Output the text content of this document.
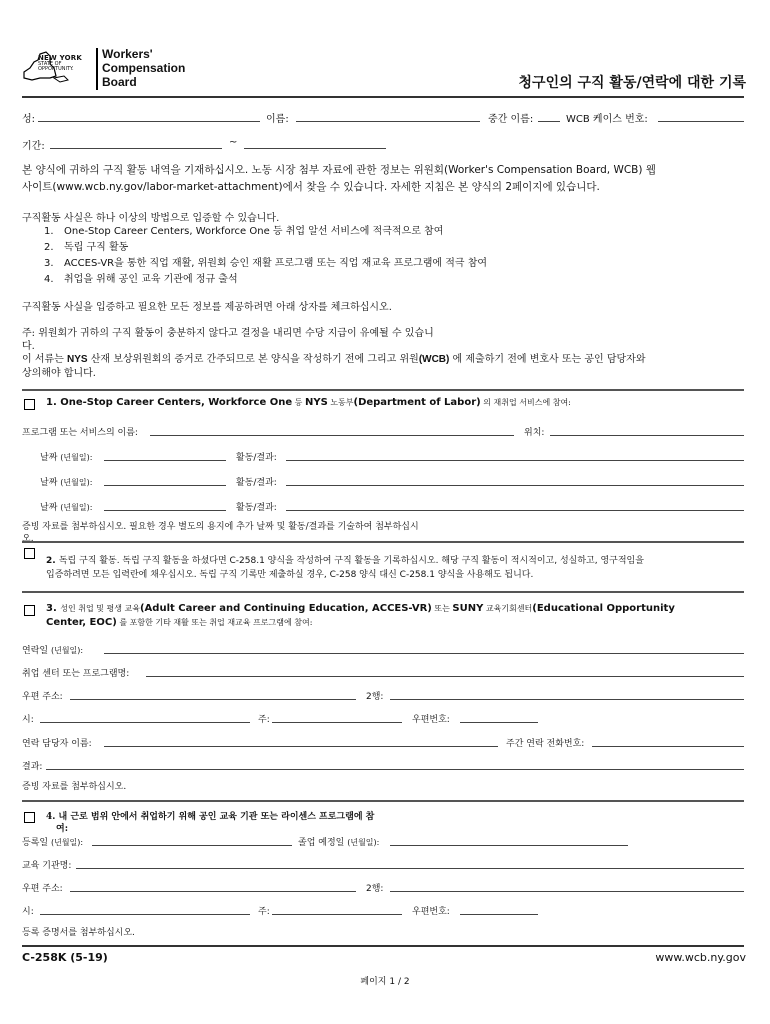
NEW YORK
STATE OF
OPPORTUNITY.
Workers'
Compensation
Board	청구인의 구직 활동/연락에 대한 기록
성:	이름:	중간 이름:	WCB 케이스 번호:
기간:	~
본 양식에 귀하의 구직 활동 내역을 기재하십시오. 노동 시장 첨부 자료에 관한 정보는 위원회(Worker's Compensation Board, WCB) 웹
사이트(www.wcb.ny.gov/labor-market-attachment)에서 찾을 수 있습니다. 자세한 지침은 본 양식의 2페이지에 있습니다.
구직활동 사실은 하나 이상의 방법으로 입증할 수 있습니다.
1. One-Stop Career Centers, Workforce One 등 취업 알선 서비스에 적극적으로 참여
2. 독립 구직 활동
3. ACCES-VR을 통한 직업 재활, 위원회 승인 재활 프로그램 또는 직업 재교육 프로그램에 적극 참여
4. 취업을 위해 공인 교육 기관에 정규 출석
구직활동 사실을 입증하고 필요한 모든 정보를 제공하려면 아래 상자를 체크하십시오.
주: 위원회가 귀하의 구직 활동이 충분하지 않다고 결정을 내리면 수당 지급이 유예될 수 있습니
다.
이 서류는 NYS 산재 보상위원회의 증거로 간주되므로 본 양식을 작성하기 전에 그리고 위원(WCB) 에 제출하기 전에 변호사 또는 공인 담당자와
상의해야 합니다.
1. One-Stop Career Centers, Workforce One 등 NYS 노동부(Department of Labor) 의 재취업 서비스에 참여:
프로그램 또는 서비스의 이름:	위치:
날짜 (년월일):	활동/결과:
날짜 (년월일):	활동/결과:
날짜 (년월일):	활동/결과:
증빙 자료를 첨부하십시오. 필요한 경우 별도의 용지에 추가 날짜 및 활동/결과를 기술하여 첨부하십시
오.
2. 독립 구직 활동. 독립 구직 활동을 하셨다면 C-258.1 양식을 작성하여 구직 활동을 기록하십시오. 해당 구직 활동이 적시적이고, 성실하고, 영구적임을
입증하려면 모든 입력란에 채우십시오. 독립 구직 기록만 제출하실 경우, C-258 양식 대신 C-258.1 양식을 사용해도 됩니다.
3. 성인 취업 및 평생 교육(Adult Career and Continuing Education, ACCES-VR) 또는 SUNY 교육기회센터(Educational Opportunity
Center, EOC) 를 포함한 기타 재활 또는 취업 재교육 프로그램에 참여:
연락일 (년월일):
취업 센터 또는 프로그램명:
우편 주소:	2행:
시:	주:	우편번호:
연락 담당자 이름:	주간 연락 전화번호:
결과:
증빙 자료를 첨부하십시오.
4. 내 근로 범위 안에서 취업하기 위해 공인 교육 기관 또는 라이센스 프로그램에 참
여:
등록일 (년월일):	졸업 예정일 (년월일):
교육 기관명:
우편 주소:	2행:
시:	주:	우편번호:
등록 증명서를 첨부하십시오.
C-258K (5-19)	www.wcb.ny.gov
페이지 1 / 2
